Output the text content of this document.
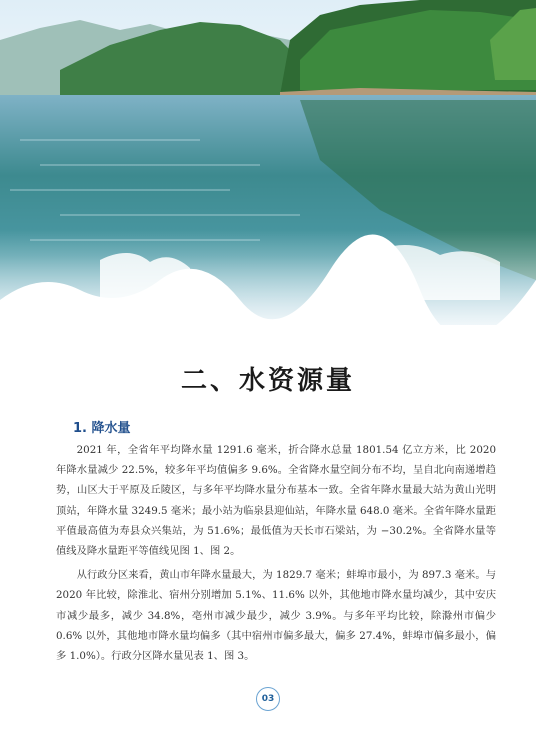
二、水资源量
1. 降水量

2021 年，全省年平均降水量 1291.6 毫米，折合降水总量 1801.54 亿立方米，比 2020 年降水量减少 22.5%，较多年平均值偏多 9.6%。全省降水量空间分布不均，呈自北向南递增趋势，山区大于平原及丘陵区，与多年平均降水量分布基本一致。全省年降水量最大站为黄山光明顶站，年降水量 3249.5 毫米；最小站为临泉县迎仙站，年降水量 648.0 毫米。全省年降水量距平值最高值为寿县众兴集站，为 51.6%；最低值为天长市石梁站，为 −30.2%。全省降水量等值线及降水量距平等值线见图 1、图 2。

从行政分区来看，黄山市年降水量最大，为 1829.7 毫米；蚌埠市最小，为 897.3 毫米。与 2020 年比较，除淮北、宿州分别增加 5.1%、11.6% 以外，其他地市降水量均减少，其中安庆市减少最多，减少 34.8%，亳州市减少最少，减少 3.9%。与多年平均比较，除滁州市偏少 0.6% 以外，其他地市降水量均偏多（其中宿州市偏多最大，偏多 27.4%，蚌埠市偏多最小，偏多 1.0%）。行政分区降水量见表 1、图 3。

03
